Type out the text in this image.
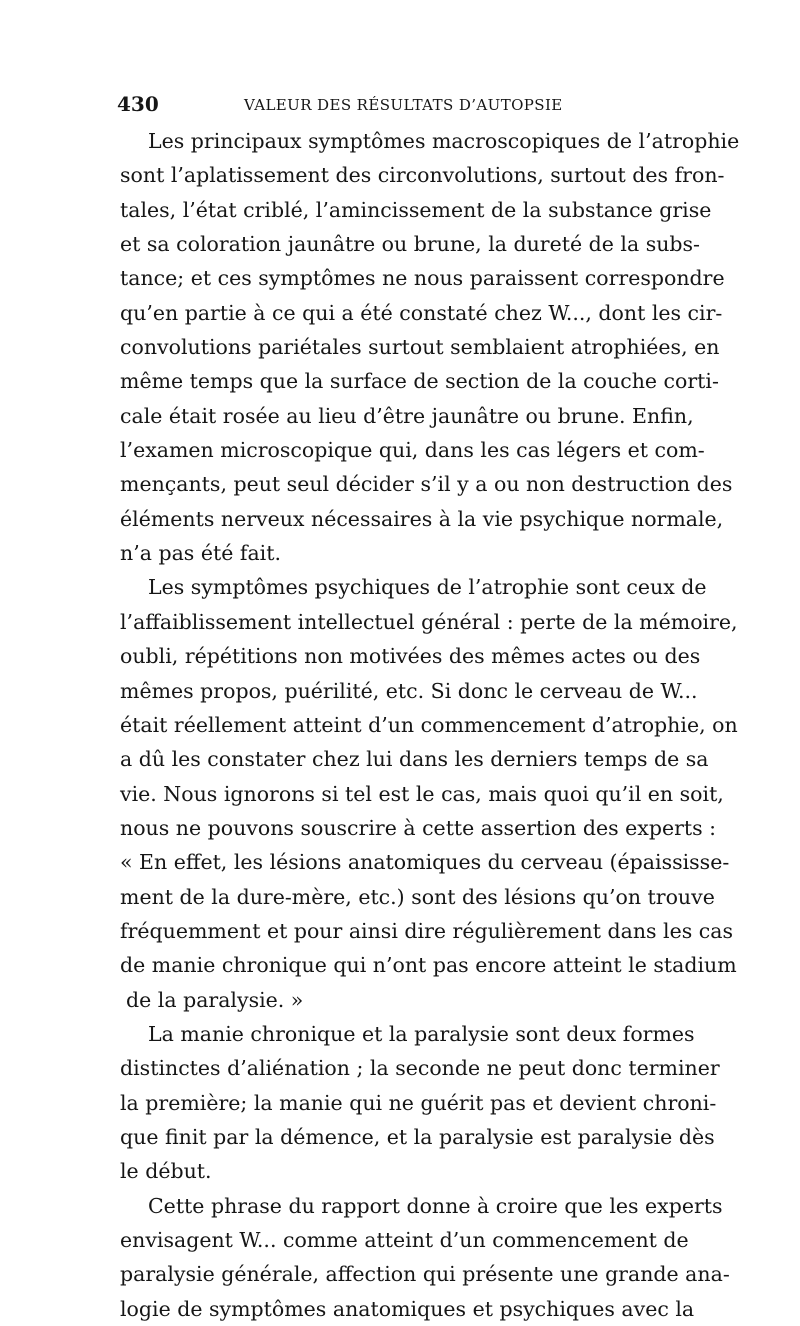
430	VALEUR DES RÉSULTATS D’AUTOPSIE
Les principaux symptômes macroscopiques de l’atrophie
sont l’aplatissement des circonvolutions, surtout des fron-
tales, l’état criblé, l’amincissement de la substance grise
et sa coloration jaunâtre ou brune, la dureté de la subs-
tance; et ces symptômes ne nous paraissent correspondre
qu’en partie à ce qui a été constaté chez W..., dont les cir-
convolutions pariétales surtout semblaient atrophiées, en
même temps que la surface de section de la couche corti-
cale était rosée au lieu d’être jaunâtre ou brune. Enfin,
l’examen microscopique qui, dans les cas légers et com-
mençants, peut seul décider s’il y a ou non destruction des
éléments nerveux nécessaires à la vie psychique normale,
n’a pas été fait.
Les symptômes psychiques de l’atrophie sont ceux de
l’affaiblissement intellectuel général : perte de la mémoire,
oubli, répétitions non motivées des mêmes actes ou des
mêmes propos, puérilité, etc. Si donc le cerveau de W...
était réellement atteint d’un commencement d’atrophie, on
a dû les constater chez lui dans les derniers temps de sa
vie. Nous ignorons si tel est le cas, mais quoi qu’il en soit,
nous ne pouvons souscrire à cette assertion des experts :
« En effet, les lésions anatomiques du cerveau (épaississe-
ment de la dure-mère, etc.) sont des lésions qu’on trouve
fréquemment et pour ainsi dire régulièrement dans les cas
de manie chronique qui n’ont pas encore atteint le stadium
de la paralysie. »
La manie chronique et la paralysie sont deux formes
distinctes d’aliénation ; la seconde ne peut donc terminer
la première; la manie qui ne guérit pas et devient chroni-
que finit par la démence, et la paralysie est paralysie dès
le début.
Cette phrase du rapport donne à croire que les experts
envisagent W... comme atteint d’un commencement de
paralysie générale, affection qui présente une grande ana-
logie de symptômes anatomiques et psychiques avec la
